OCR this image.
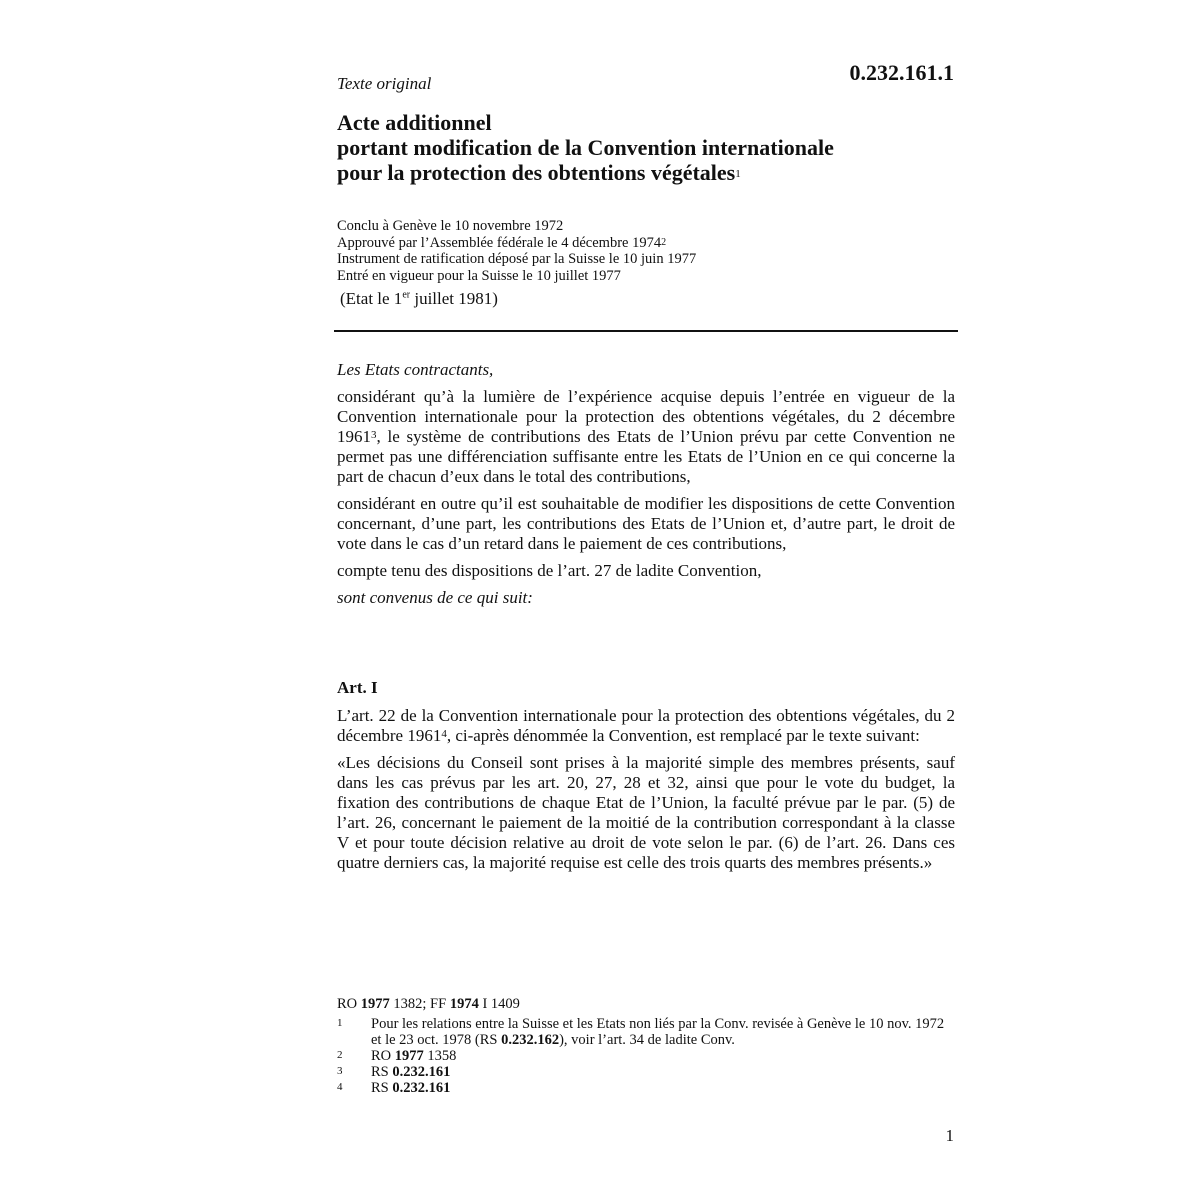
Texte original	0.232.161.1
Acte additionnel
portant modification de la Convention internationale
pour la protection des obtentions végétales$^1$
Conclu à Genève le 10 novembre 1972
Approuvé par l’Assemblée fédérale le 4 décembre 1974$^2$
Instrument de ratification déposé par la Suisse le 10 juin 1977
Entré en vigueur pour la Suisse le 10 juillet 1977
(Etat le 1er juillet 1981)

Les Etats contractants,

considérant qu’à la lumière de l’expérience acquise depuis l’entrée en vigueur de la Convention internationale pour la protection des obtentions végétales, du 2 décembre 1961$^3$, le système de contributions des Etats de l’Union prévu par cette Convention ne permet pas une différenciation suffisante entre les Etats de l’Union en ce qui concerne la part de chacun d’eux dans le total des contributions,

considérant en outre qu’il est souhaitable de modifier les dispositions de cette Convention concernant, d’une part, les contributions des Etats de l’Union et, d’autre part, le droit de vote dans le cas d’un retard dans le paiement de ces contributions,

compte tenu des dispositions de l’art. 27 de ladite Convention,

sont convenus de ce qui suit:

Art. I

L’art. 22 de la Convention internationale pour la protection des obtentions végétales, du 2 décembre 1961$^4$, ci-après dénommée la Convention, est remplacé par le texte suivant:

«Les décisions du Conseil sont prises à la majorité simple des membres présents, sauf dans les cas prévus par les art. 20, 27, 28 et 32, ainsi que pour le vote du budget, la fixation des contributions de chaque Etat de l’Union, la faculté prévue par le par. (5) de l’art. 26, concernant le paiement de la moitié de la contribution correspondant à la classe V et pour toute décision relative au droit de vote selon le par. (6) de l’art. 26. Dans ces quatre derniers cas, la majorité requise est celle des trois quarts des membres présents.»

RO 1977 1382; FF 1974 I 1409
1	Pour les relations entre la Suisse et les Etats non liés par la Conv. revisée à Genève le 10 nov. 1972 et le 23 oct. 1978 (RS 0.232.162), voir l’art. 34 de ladite Conv.
2	RO 1977 1358
3	RS 0.232.161
4	RS 0.232.161
1
